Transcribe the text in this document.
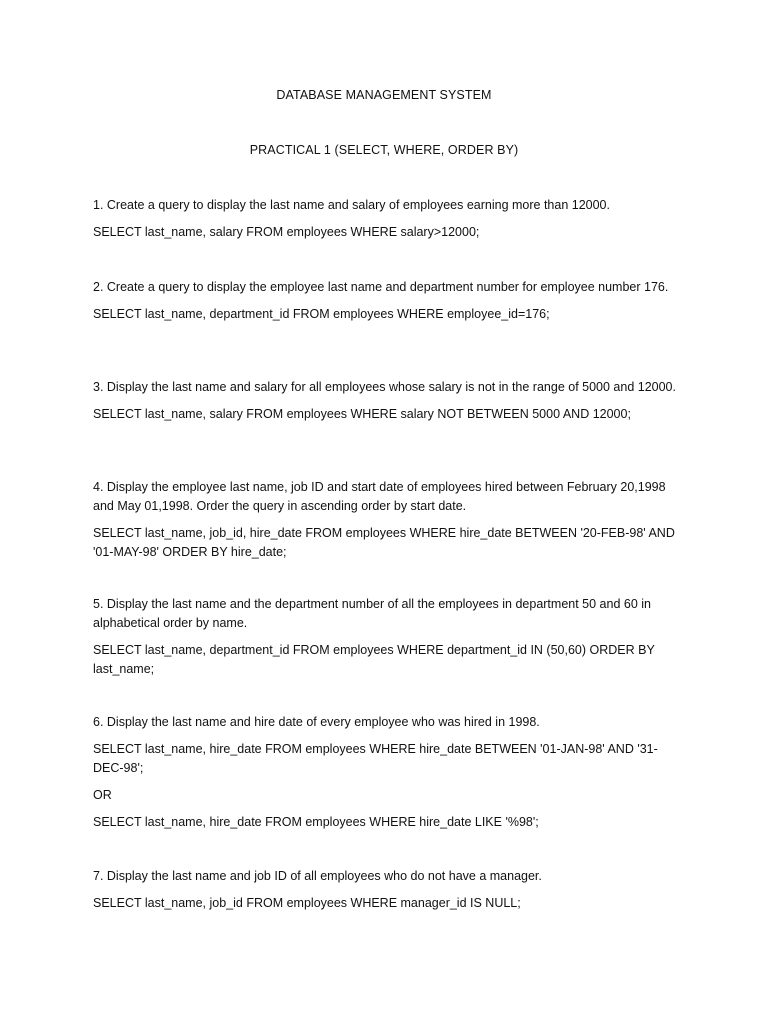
DATABASE MANAGEMENT SYSTEM
PRACTICAL 1 (SELECT, WHERE, ORDER BY)
1. Create a query to display the last name and salary of employees earning more than 12000.
SELECT last_name, salary FROM employees WHERE salary>12000;
2. Create a query to display the employee last name and department number for employee number 176.
SELECT last_name, department_id FROM employees WHERE employee_id=176;
3. Display the last name and salary for all employees whose salary is not in the range of 5000 and 12000.
SELECT last_name, salary FROM employees WHERE salary NOT BETWEEN 5000 AND 12000;
4. Display the employee last name, job ID and start date of employees hired between February 20,1998 and May 01,1998. Order the query in ascending order by start date.
SELECT last_name, job_id, hire_date FROM employees WHERE hire_date BETWEEN '20-FEB-98' AND '01-MAY-98' ORDER BY hire_date;
5. Display the last name and the department number of all the employees in department 50 and 60 in alphabetical order by name.
SELECT last_name, department_id FROM employees WHERE department_id IN (50,60) ORDER BY last_name;
6. Display the last name and hire date of every employee who was hired in 1998.
SELECT last_name, hire_date FROM employees WHERE hire_date BETWEEN '01-JAN-98' AND '31-DEC-98';
OR
SELECT last_name, hire_date FROM employees WHERE hire_date LIKE '%98';
7. Display the last name and job ID of all employees who do not have a manager.
SELECT last_name, job_id FROM employees WHERE manager_id IS NULL;
